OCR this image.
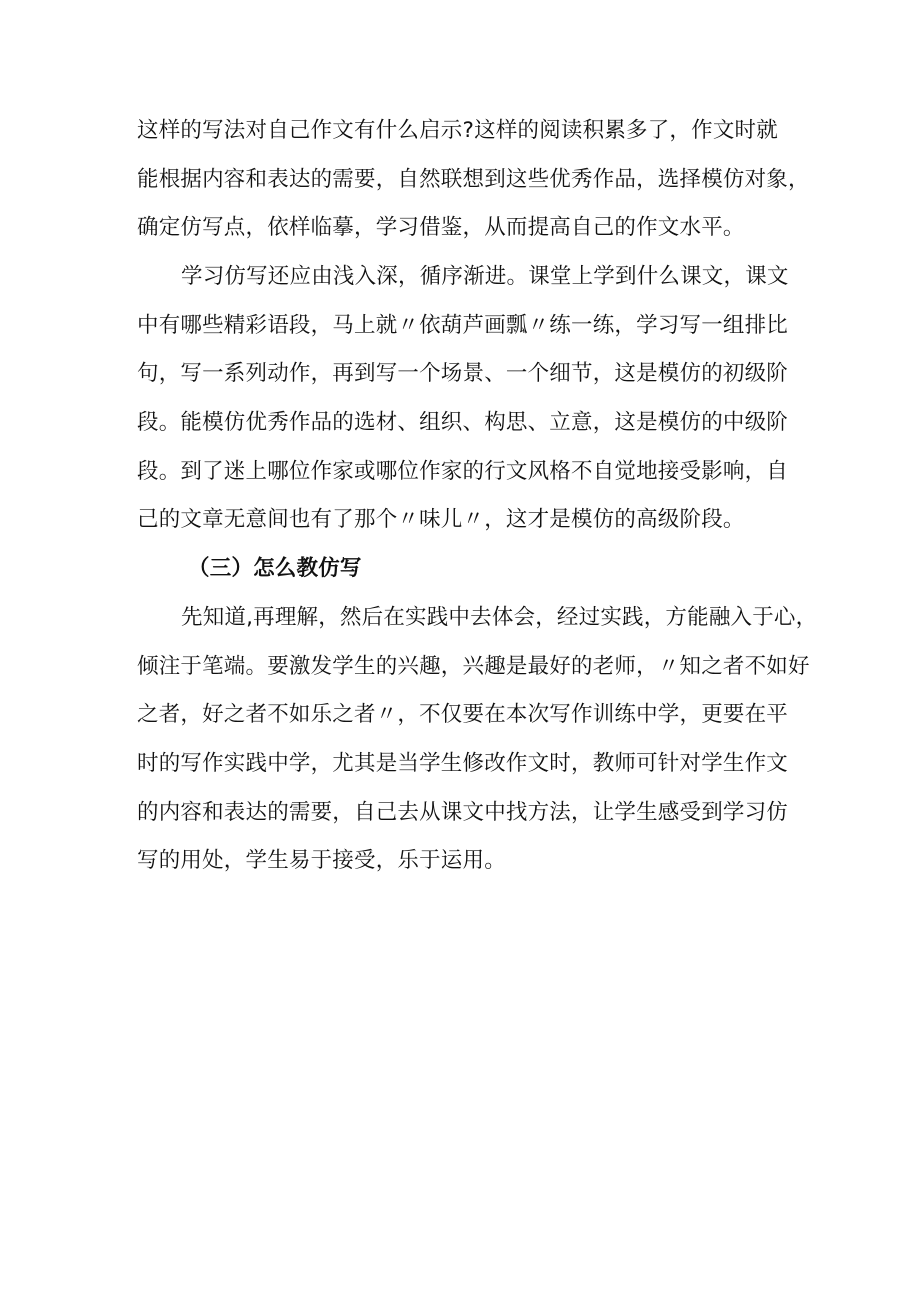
这样的写法对自己作文有什么启示?这样的阅读积累多了，作文时就
能根据内容和表达的需要，自然联想到这些优秀作品，选择模仿对象，
确定仿写点，依样临摹，学习借鉴，从而提高自己的作文水平。
学习仿写还应由浅入深，循序渐进。课堂上学到什么课文，课文
中有哪些精彩语段，马上就〃依葫芦画瓢〃练一练，学习写一组排比
句，写一系列动作，再到写一个场景、一个细节，这是模仿的初级阶
段。能模仿优秀作品的选材、组织、构思、立意，这是模仿的中级阶
段。到了迷上哪位作家或哪位作家的行文风格不自觉地接受影响，自
己的文章无意间也有了那个〃味儿〃，这才是模仿的高级阶段。
（三）怎么教仿写
先知道,再理解，然后在实践中去体会，经过实践，方能融入于心，
倾注于笔端。要激发学生的兴趣，兴趣是最好的老师，〃知之者不如好
之者，好之者不如乐之者〃，不仅要在本次写作训练中学，更要在平
时的写作实践中学，尤其是当学生修改作文时，教师可针对学生作文
的内容和表达的需要，自己去从课文中找方法，让学生感受到学习仿
写的用处，学生易于接受，乐于运用。
